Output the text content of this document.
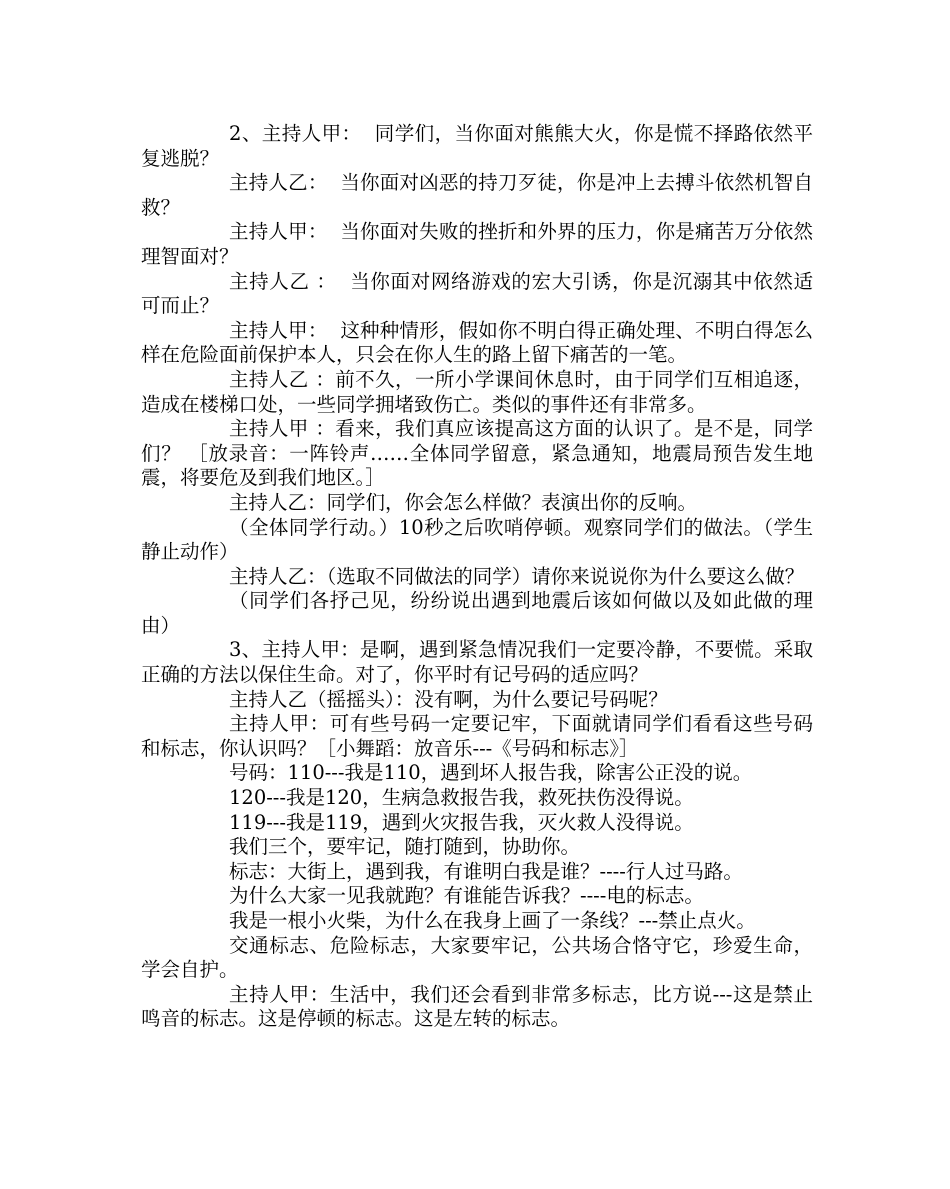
2、主持人甲：  同学们，当你面对熊熊大火，你是慌不择路依然平复逃脱？

主持人乙：  当你面对凶恶的持刀歹徒，你是冲上去搏斗依然机智自救？

主持人甲：  当你面对失败的挫折和外界的压力，你是痛苦万分依然理智面对？

主持人乙 ：  当你面对网络游戏的宏大引诱，你是沉溺其中依然适可而止？

主持人甲：  这种种情形，假如你不明白得正确处理、不明白得怎么样在危险面前保护本人，只会在你人生的路上留下痛苦的一笔。

主持人乙 ：前不久，一所小学课间休息时，由于同学们互相追逐， 造成在楼梯口处，一些同学拥堵致伤亡。类似的事件还有非常多。

主持人甲 ：看来，我们真应该提高这方面的认识了。是不是，同学们？ ［放录音：一阵铃声……全体同学留意，紧急通知，地震局预告发生地震，将要危及到我们地区。］

主持人乙：同学们，你会怎么样做？表演出你的反响。

（全体同学行动。）10秒之后吹哨停顿。观察同学们的做法。（学生静止动作）

主持人乙：（选取不同做法的同学）请你来说说你为什么要这么做？

（同学们各抒己见，纷纷说出遇到地震后该如何做以及如此做的理由）

3、主持人甲：是啊，遇到紧急情况我们一定要冷静，不要慌。采取正确的方法以保住生命。对了，你平时有记号码的适应吗？

主持人乙（摇摇头）：没有啊，为什么要记号码呢？

主持人甲：可有些号码一定要记牢，下面就请同学们看看这些号码和标志，你认识吗？［小舞蹈：放音乐---《号码和标志》］

号码：110---我是110，遇到坏人报告我，除害公正没的说。

120---我是120，生病急救报告我，救死扶伤没得说。

119---我是119，遇到火灾报告我，灭火救人没得说。

我们三个，要牢记，随打随到，协助你。

标志：大街上，遇到我，有谁明白我是谁？----行人过马路。

为什么大家一见我就跑？有谁能告诉我？----电的标志。

我是一根小火柴，为什么在我身上画了一条线？---禁止点火。

交通标志、危险标志，大家要牢记，公共场合恪守它，珍爱生命，学会自护。

主持人甲：生活中，我们还会看到非常多标志，比方说---这是禁止鸣音的标志。这是停顿的标志。这是左转的标志。
